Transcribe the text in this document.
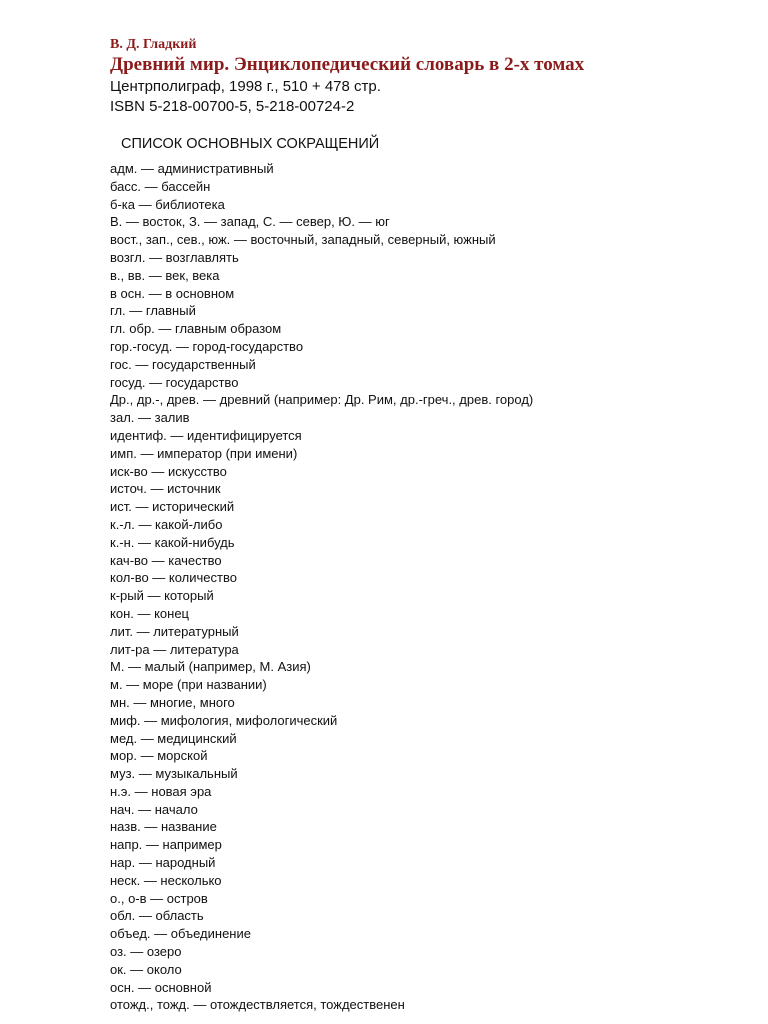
В. Д. Гладкий
Древний мир. Энциклопедический словарь в 2-х томах
Центрполиграф, 1998 г., 510 + 478 стр.
ISBN 5-218-00700-5, 5-218-00724-2
СПИСОК ОСНОВНЫХ СОКРАЩЕНИЙ
адм. — административный
басс. — бассейн
б-ка — библиотека
В. — восток, З. — запад, С. — север, Ю. — юг
вост., зап., сев., юж. — восточный, западный, северный, южный
возгл. — возглавлять
в., вв. — век, века
в осн. — в основном
гл. — главный
гл. обр. — главным образом
гор.-госуд. — город-государство
гос. — государственный
госуд. — государство
Др., др.-, древ. — древний (например: Др. Рим, др.-греч., древ. город)
зал. — залив
идентиф. — идентифицируется
имп. — император (при имени)
иск-во — искусство
источ. — источник
ист. — исторический
к.-л. — какой-либо
к.-н. — какой-нибудь
кач-во — качество
кол-во — количество
к-рый — который
кон. — конец
лит. — литературный
лит-ра — литература
М. — малый (например, М. Азия)
м. — море (при названии)
мн. — многие, много
миф. — мифология, мифологический
мед. — медицинский
мор. — морской
муз. — музыкальный
н.э. — новая эра
нач. — начало
назв. — название
напр. — например
нар. — народный
неск. — несколько
о., о-в — остров
обл. — область
объед. — объединение
оз. — озеро
ок. — около
осн. — основной
отожд., тожд. — отождествляется, тождественен
